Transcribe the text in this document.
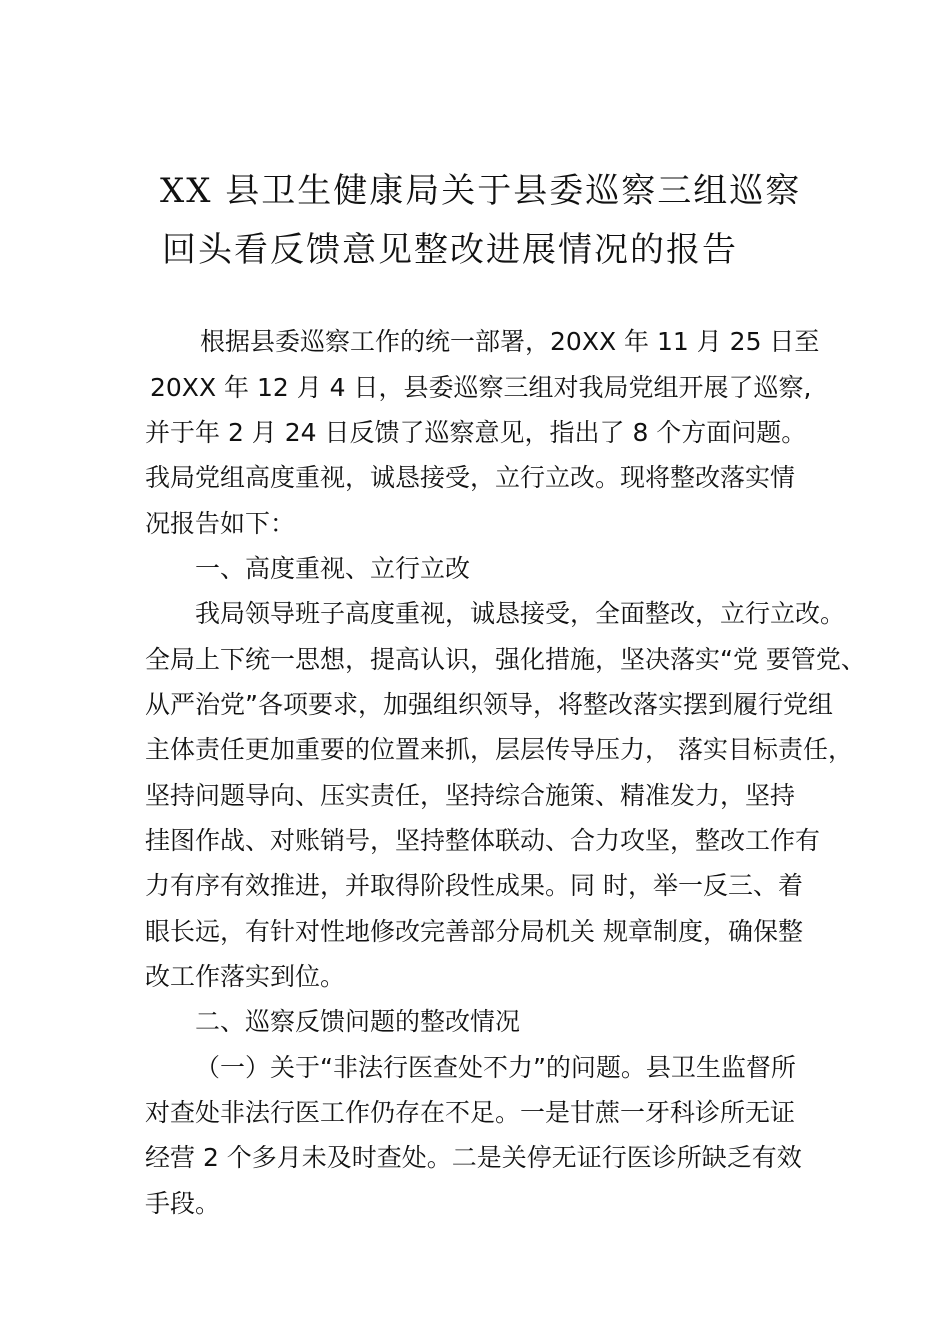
XX 县卫生健康局关于县委巡察三组巡察
回头看反馈意见整改进展情况的报告
根据县委巡察工作的统一部署，20XX 年 11 月 25 日至
20XX 年 12 月 4 日，县委巡察三组对我局党组开展了巡察,
并于年 2 月 24 日反馈了巡察意见，指出了 8 个方面问题。
我局党组高度重视，诚恳接受，立行立改。现将整改落实情
况报告如下：
一、高度重视、立行立改
我局领导班子高度重视，诚恳接受，全面整改，立行立改。
全局上下统一思想，提高认识，强化措施，坚决落实“党 要管党、
从严治党”各项要求，加强组织领导，将整改落实摆到履行党组
主体责任更加重要的位置来抓，层层传导压力， 落实目标责任，
坚持问题导向、压实责任，坚持综合施策、精准发力，坚持
挂图作战、对账销号，坚持整体联动、合力攻坚，整改工作有
力有序有效推进，并取得阶段性成果。同 时，举一反三、着
眼长远，有针对性地修改完善部分局机关 规章制度，确保整
改工作落实到位。
二、巡察反馈问题的整改情况
（一）关于“非法行医查处不力”的问题。县卫生监督所
对查处非法行医工作仍存在不足。一是甘蔗一牙科诊所无证
经营 2 个多月未及时查处。二是关停无证行医诊所缺乏有效
手段。
